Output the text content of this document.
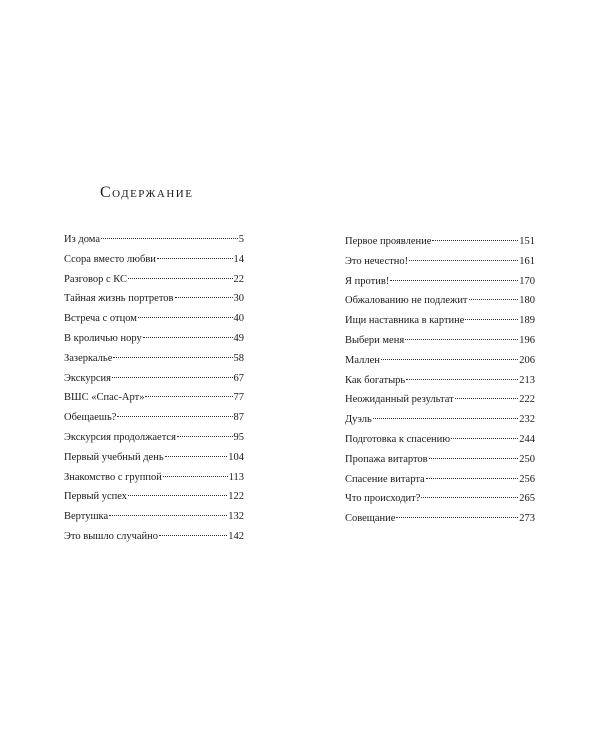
Содержание
Из дома	5
Ссора вместо любви	14
Разговор с КС	22
Тайная жизнь портретов	30
Встреча с отцом	40
В кроличью нору	49
Зазеркалье	58
Экскурсия	67
ВШС «Спас-Арт»	77
Обещаешь?	87
Экскурсия продолжается	95
Первый учебный день	104
Знакомство с группой	113
Первый успех	122
Вертушка	132
Это вышло случайно	142
Первое проявление	151
Это нечестно!	161
Я против!	170
Обжалованию не подлежит	180
Ищи наставника в картине	189
Выбери меня	196
Маллен	206
Как богатырь	213
Неожиданный результат	222
Дуэль	232
Подготовка к спасению	244
Пропажа витартов	250
Спасение витарта	256
Что происходит?	265
Совещание	273
